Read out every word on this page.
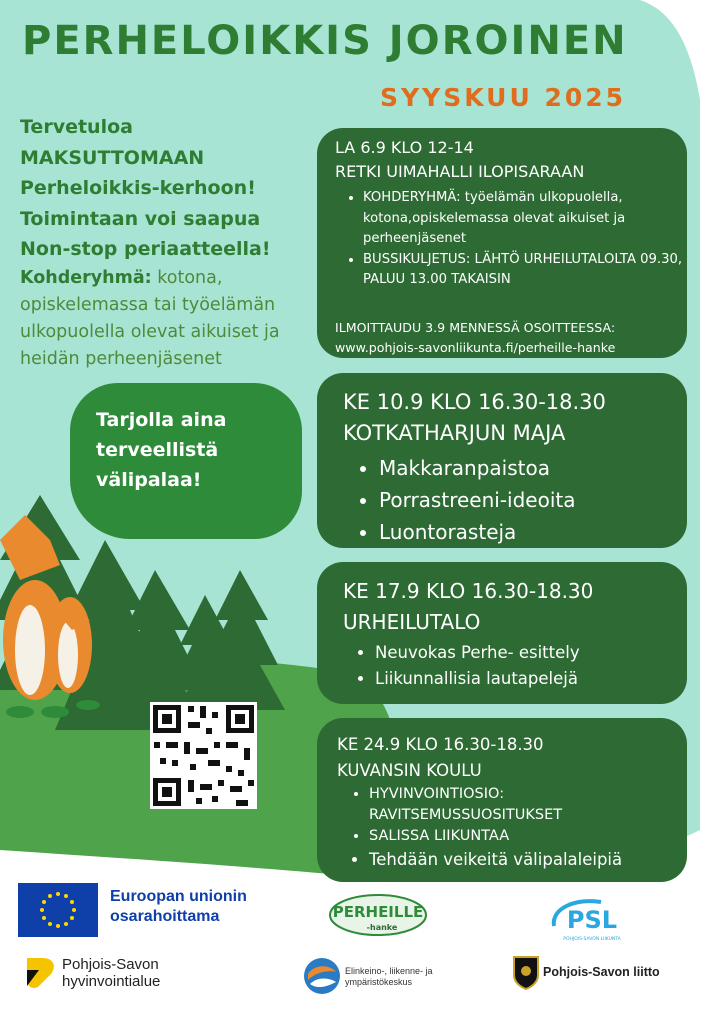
PERHELOIKKIS JOROINEN
SYYSKUU 2025
Tervetuloa
MAKSUTTOMAAN
Perheloikkis-kerhoon!
Toimintaan voi saapua
Non-stop periaatteella!
Kohderyhmä: kotona,
opiskelemassa tai työelämän
ulkopuolella olevat aikuiset ja
heidän perheenjäsenet
Tarjolla aina
terveellistä
välipalaa!
LA 6.9 KLO 12-14
RETKI UIMAHALLI ILOPISARAAN
• KOHDERYHMÄ: työelämän ulkopuolella, kotona,opiskelemassa olevat aikuiset ja perheenjäsenet
• BUSSIKULJETUS: LÄHTÖ URHEILUTALOLTA 09.30, PALUU 13.00 TAKAISIN
ILMOITTAUDU 3.9 MENNESSÄ OSOITTEESSA:
www.pohjois-savonliikunta.fi/perheille-hanke
KE 10.9 KLO 16.30-18.30
KOTKATHARJUN MAJA
• Makkaranpaistoa
• Porrastreeni-ideoita
• Luontorasteja
KE 17.9 KLO 16.30-18.30
URHEILUTALO
• Neuvokas Perhe- esittely
• Liikunnallisia lautapelejä
KE 24.9 KLO 16.30-18.30
KUVANSIN KOULU
• HYVINVOINTIOSIO: RAVITSEMUSSUOSITUKSET
• SALISSA LIIKUNTAA
• Tehdään veikeitä välipalaleipiä
Euroopan unionin
osarahoittama	PERHEILLE
-hanke	PSL
POHJOIS-SAVON LIIKUNTA
Pohjois-Savon
hyvinvointialue
Elinkeino-, liikenne- ja
ympäristökeskus
Pohjois-Savon liitto
